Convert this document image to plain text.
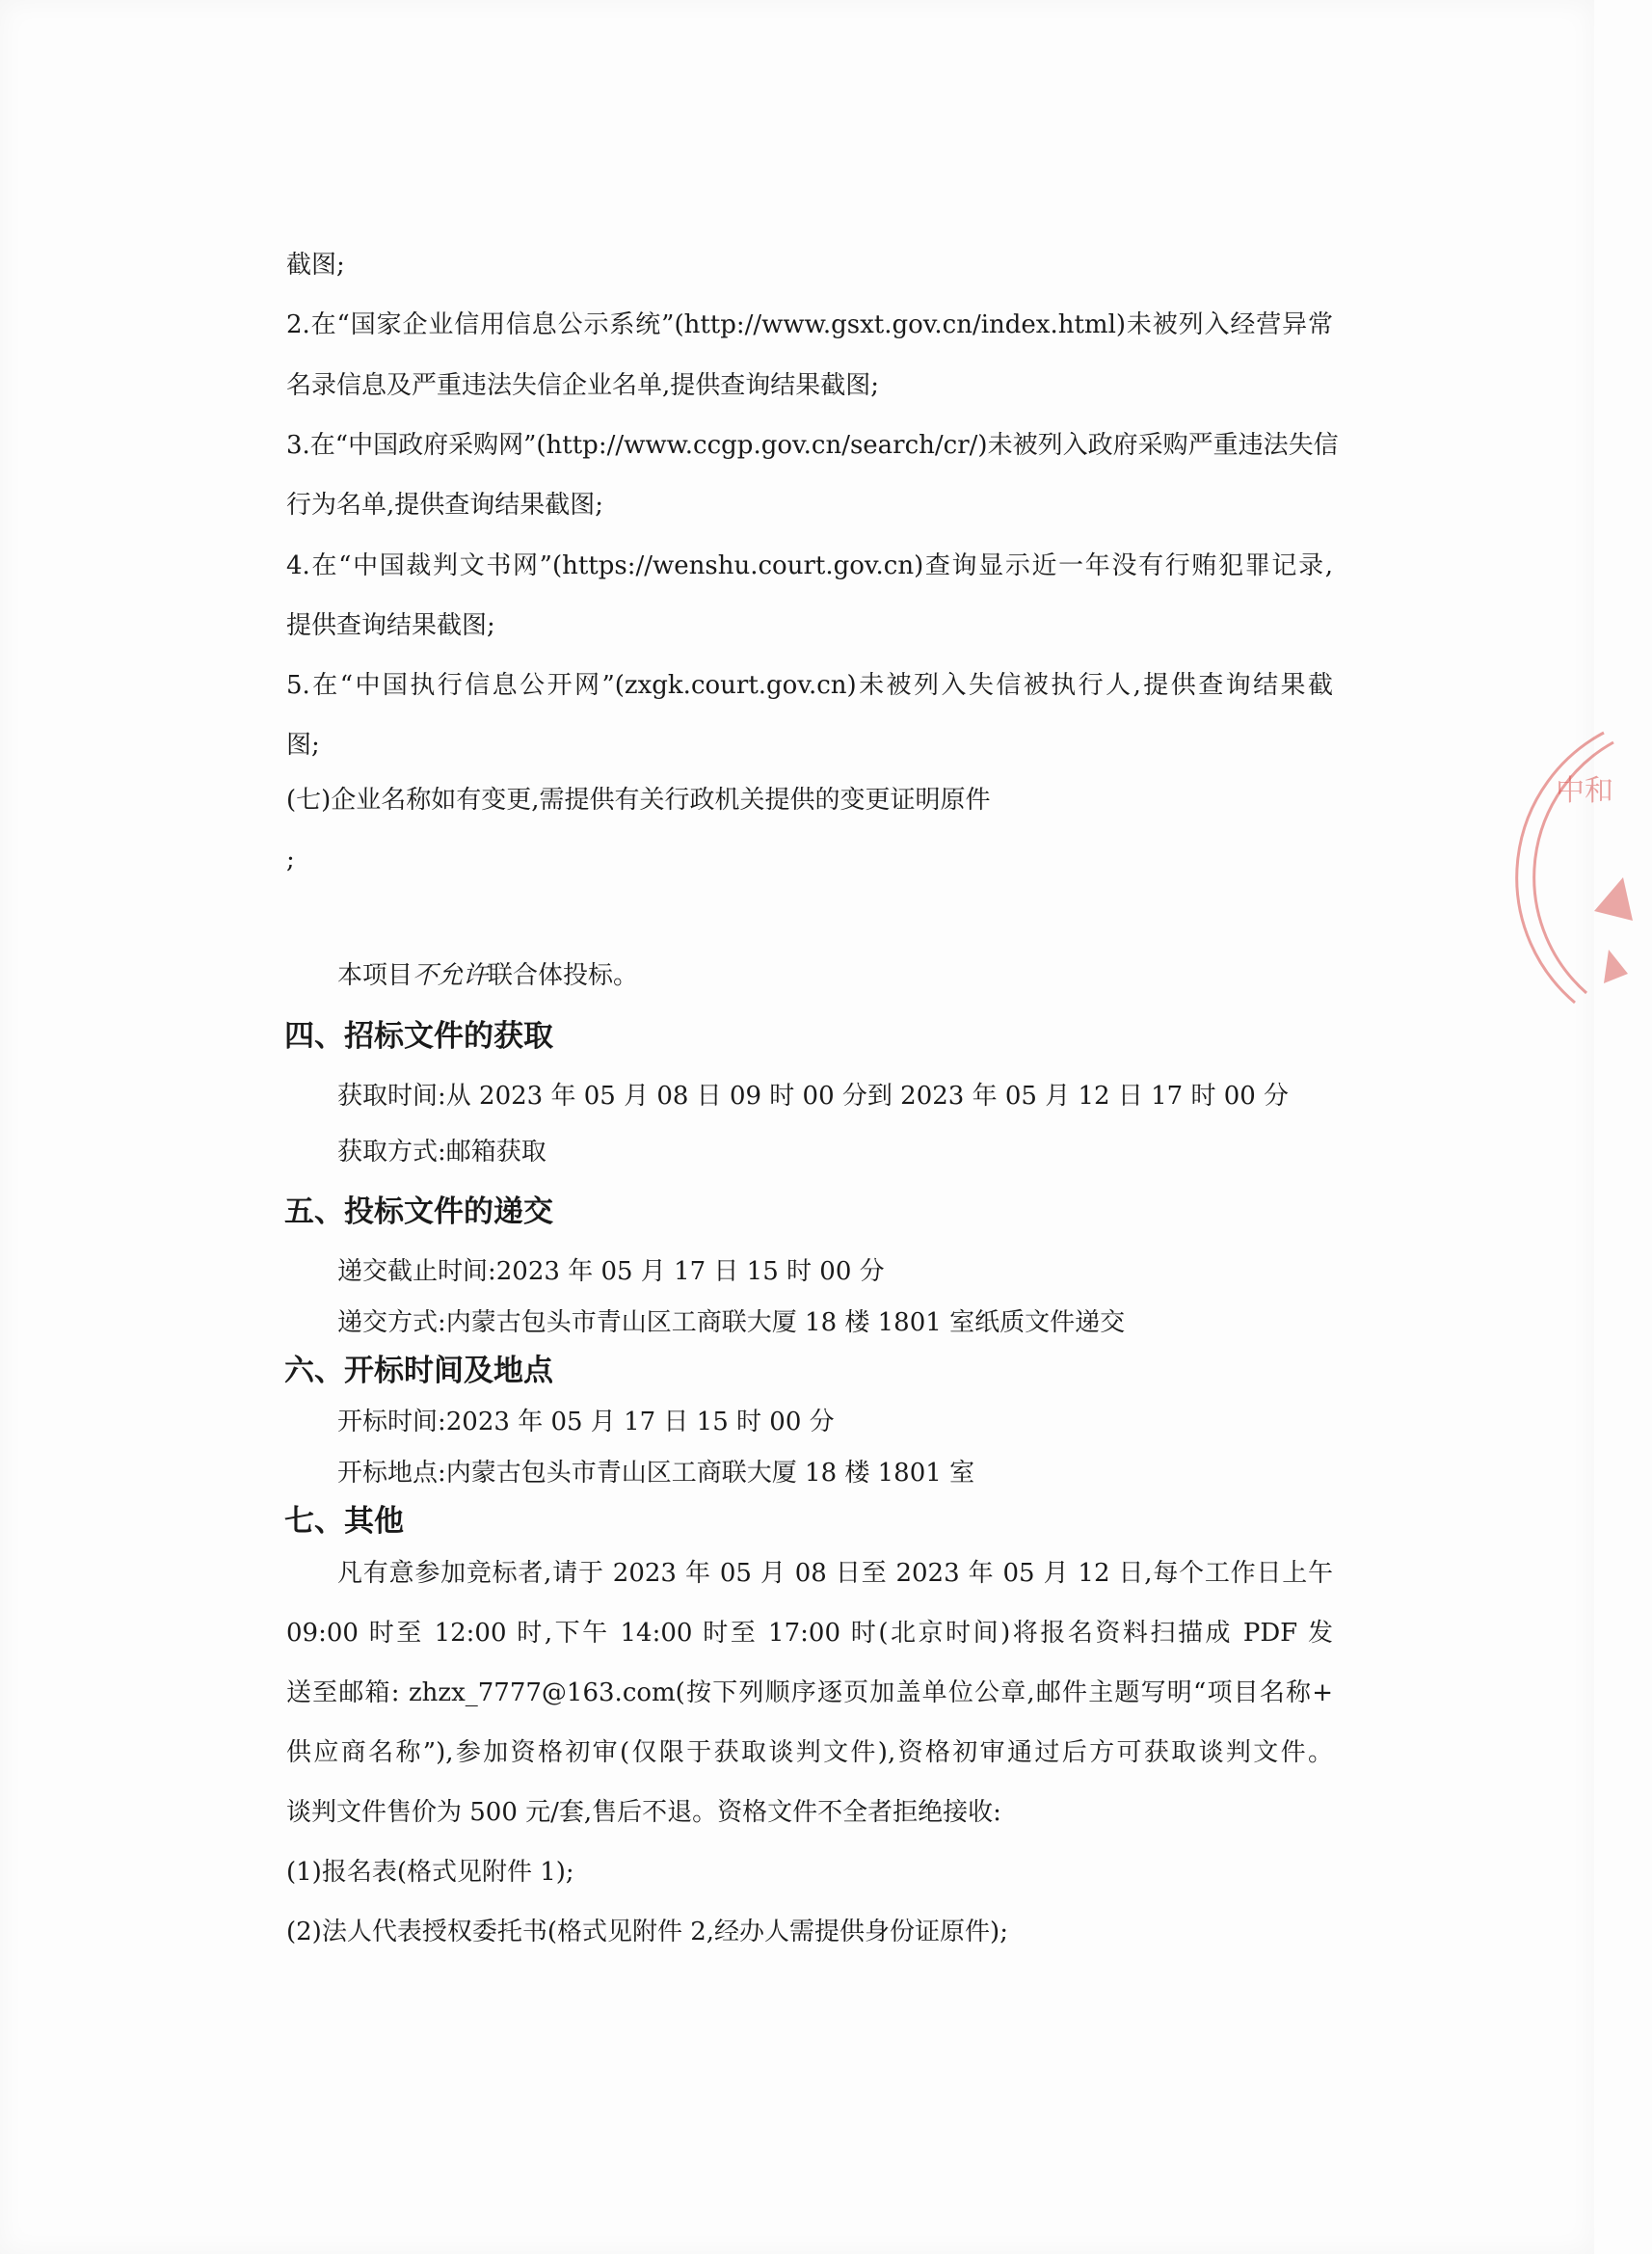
截图;
2.在“国家企业信用信息公示系统”(http://www.gsxt.gov.cn/index.html)未被列入经营异常
名录信息及严重违法失信企业名单,提供查询结果截图;
3.在“中国政府采购网”(http://www.ccgp.gov.cn/search/cr/)未被列入政府采购严重违法失信
行为名单,提供查询结果截图;
4.在“中国裁判文书网”(https://wenshu.court.gov.cn)查询显示近一年没有行贿犯罪记录,
提供查询结果截图;
5.在“中国执行信息公开网”(zxgk.court.gov.cn)未被列入失信被执行人,提供查询结果截
图;
(七)企业名称如有变更,需提供有关行政机关提供的变更证明原件
;
本项目不允许联合体投标。
四、招标文件的获取
获取时间:从 2023 年 05 月 08 日 09 时 00 分到 2023 年 05 月 12 日 17 时 00 分
获取方式:邮箱获取
五、投标文件的递交
递交截止时间:2023 年 05 月 17 日 15 时 00 分
递交方式:内蒙古包头市青山区工商联大厦 18 楼 1801 室纸质文件递交
六、开标时间及地点
开标时间:2023 年 05 月 17 日 15 时 00 分
开标地点:内蒙古包头市青山区工商联大厦 18 楼 1801 室
七、其他
凡有意参加竞标者,请于 2023 年 05 月 08 日至 2023 年 05 月 12 日,每个工作日上午
09:00 时至 12:00 时,下午 14:00 时至 17:00 时(北京时间)将报名资料扫描成 PDF 发
送至邮箱: zhzx_7777@163.com(按下列顺序逐页加盖单位公章,邮件主题写明“项目名称+
供应商名称”),参加资格初审(仅限于获取谈判文件),资格初审通过后方可获取谈判文件。
谈判文件售价为 500 元/套,售后不退。资格文件不全者拒绝接收:
(1)报名表(格式见附件 1);
(2)法人代表授权委托书(格式见附件 2,经办人需提供身份证原件);
中和
